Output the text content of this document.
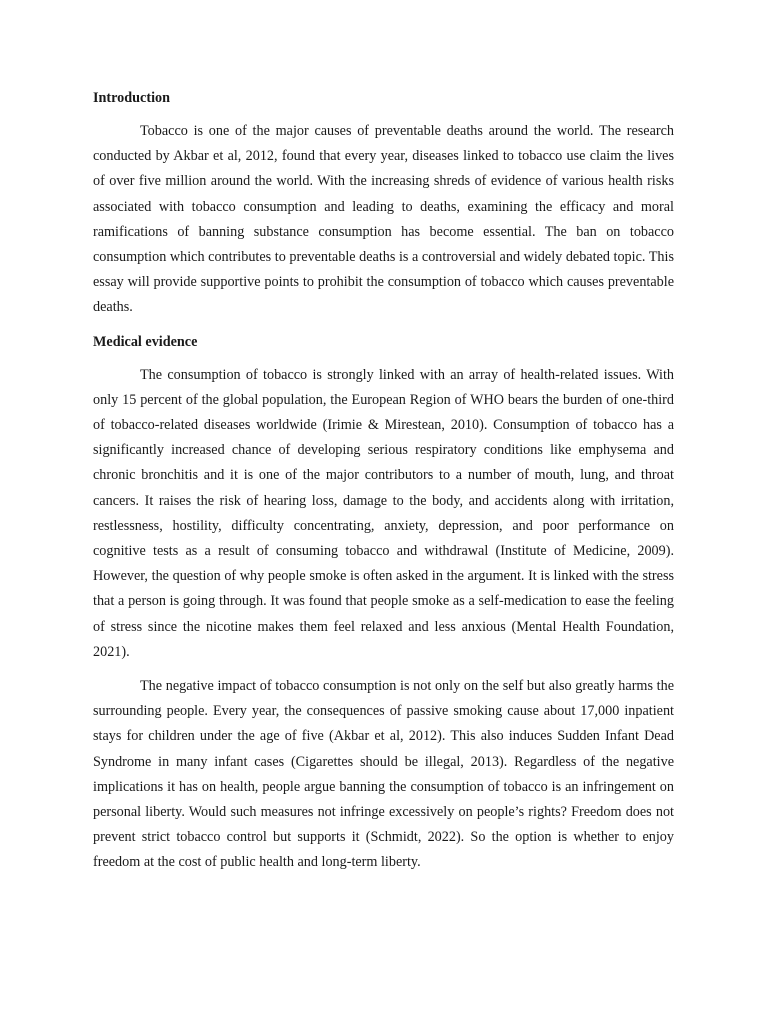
Introduction

Tobacco is one of the major causes of preventable deaths around the world. The research conducted by Akbar et al, 2012, found that every year, diseases linked to tobacco use claim the lives of over five million around the world. With the increasing shreds of evidence of various health risks associated with tobacco consumption and leading to deaths, examining the efficacy and moral ramifications of banning substance consumption has become essential. The ban on tobacco consumption which contributes to preventable deaths is a controversial and widely debated topic. This essay will provide supportive points to prohibit the consumption of tobacco which causes preventable deaths.

Medical evidence

The consumption of tobacco is strongly linked with an array of health-related issues. With only 15 percent of the global population, the European Region of WHO bears the burden of one-third of tobacco-related diseases worldwide (Irimie & Mirestean, 2010). Consumption of tobacco has a significantly increased chance of developing serious respiratory conditions like emphysema and chronic bronchitis and it is one of the major contributors to a number of mouth, lung, and throat cancers. It raises the risk of hearing loss, damage to the body, and accidents along with irritation, restlessness, hostility, difficulty concentrating, anxiety, depression, and poor performance on cognitive tests as a result of consuming tobacco and withdrawal (Institute of Medicine, 2009). However, the question of why people smoke is often asked in the argument. It is linked with the stress that a person is going through. It was found that people smoke as a self-medication to ease the feeling of stress since the nicotine makes them feel relaxed and less anxious (Mental Health Foundation, 2021).

The negative impact of tobacco consumption is not only on the self but also greatly harms the surrounding people. Every year, the consequences of passive smoking cause about 17,000 inpatient stays for children under the age of five (Akbar et al, 2012). This also induces Sudden Infant Dead Syndrome in many infant cases (Cigarettes should be illegal, 2013). Regardless of the negative implications it has on health, people argue banning the consumption of tobacco is an infringement on personal liberty. Would such measures not infringe excessively on people’s rights? Freedom does not prevent strict tobacco control but supports it (Schmidt, 2022). So the option is whether to enjoy freedom at the cost of public health and long-term liberty.
